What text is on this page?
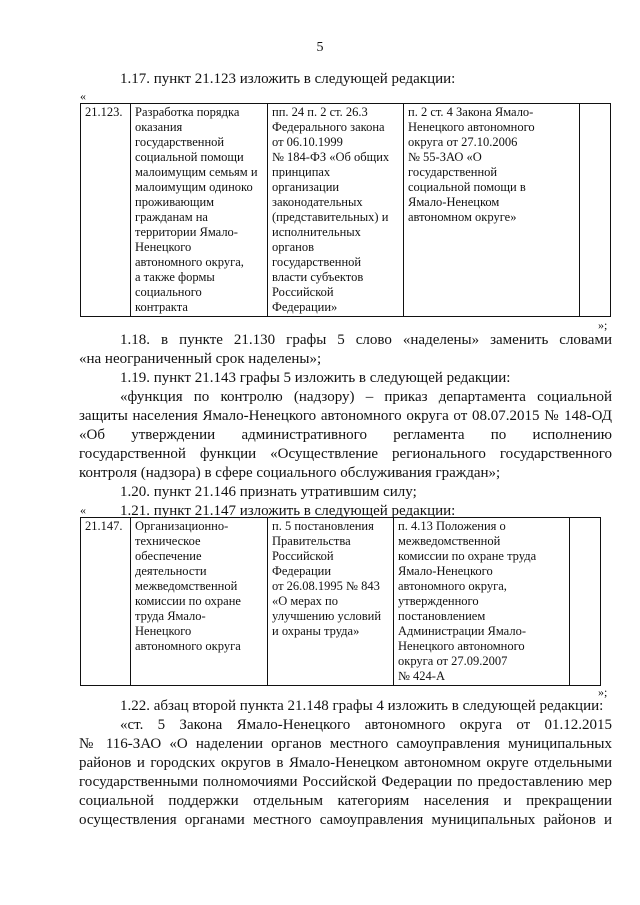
5
1.17. пункт 21.123 изложить в следующей редакции:
«
21.123.	Разработка порядка
оказания
государственной
социальной помощи
малоимущим семьям и
малоимущим одиноко
проживающим
гражданам на
территории Ямало-
Ненецкого
автономного округа,
а также формы
социального
контракта

пп. 24 п. 2 ст. 26.3
Федерального закона
от 06.10.1999
№ 184-ФЗ «Об общих
принципах
организации
законодательных
(представительных) и
исполнительных
органов
государственной
власти субъектов
Российской
Федерации»

п. 2 ст. 4 Закона Ямало-
Ненецкого автономного
округа от 27.10.2006
№ 55-ЗАО «О
государственной
социальной помощи в
Ямало-Ненецком
автономном округе»

»;
1.18. в пункте 21.130 графы 5 слово «наделены» заменить словами
«на неограниченный срок наделены»;
1.19. пункт 21.143 графы 5 изложить в следующей редакции:
«функция по контролю (надзору) – приказ департамента социальной
защиты населения Ямало-Ненецкого автономного округа от 08.07.2015 № 148-ОД
«Об утверждении административного регламента по исполнению
государственной функции «Осуществление регионального государственного
контроля (надзора) в сфере социального обслуживания граждан»;
1.20. пункт 21.146 признать утратившим силу;
1.21. пункт 21.147 изложить в следующей редакции:
«
21.147.	Организационно-
техническое
обеспечение
деятельности
межведомственной
комиссии по охране
труда Ямало-
Ненецкого
автономного округа

п. 5 постановления
Правительства
Российской
Федерации
от 26.08.1995 № 843
«О мерах по
улучшению условий
и охраны труда»

п. 4.13 Положения о
межведомственной
комиссии по охране труда
Ямало-Ненецкого
автономного округа,
утвержденного
постановлением
Администрации Ямало-
Ненецкого автономного
округа от 27.09.2007
№ 424-А

»;
1.22. абзац второй пункта 21.148 графы 4 изложить в следующей редакции:
«ст. 5 Закона Ямало-Ненецкого автономного округа от 01.12.2015
№ 116-ЗАО «О наделении органов местного самоуправления муниципальных
районов и городских округов в Ямало-Ненецком автономном округе отдельными
государственными полномочиями Российской Федерации по предоставлению мер
социальной поддержки отдельным категориям населения и прекращении
осуществления органами местного самоуправления муниципальных районов и
